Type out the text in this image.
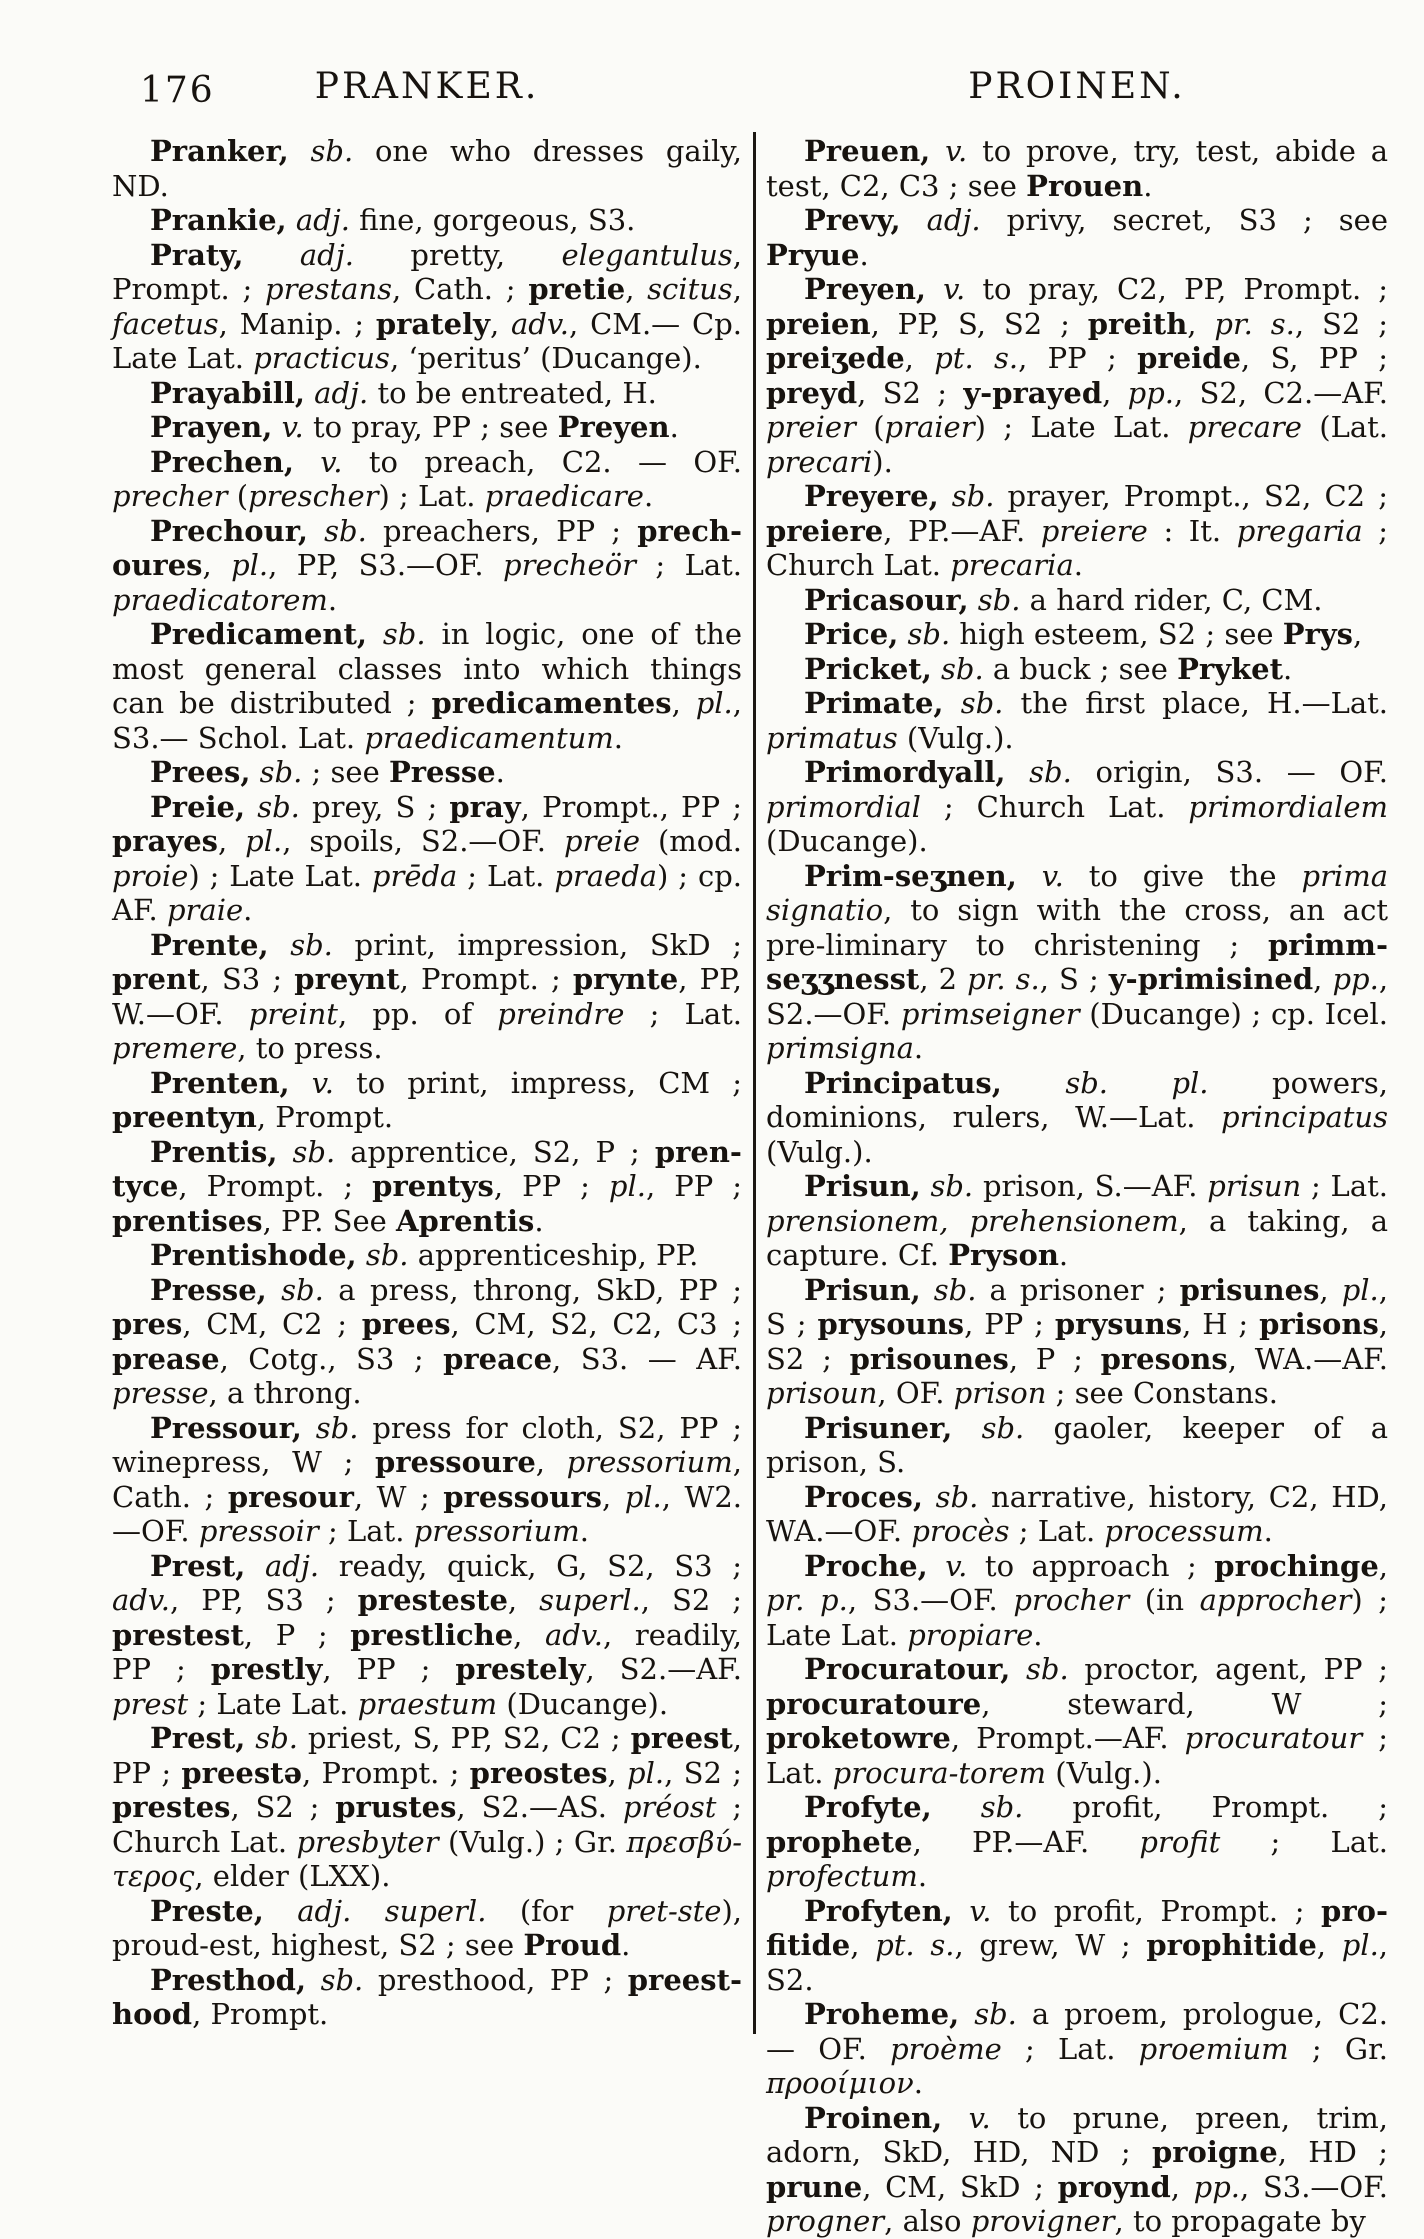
176	PRANKER.	PROINEN.

Pranker, sb. one who dresses gaily, ND.

Prankie, adj. fine, gorgeous, S3.

Praty, adj. pretty, elegantulus, Prompt. ; prestans, Cath. ; pretie, scitus, facetus, Manip. ; prately, adv., CM.— Cp. Late Lat. practicus, ‘peritus’ (Ducange).

Prayabill, adj. to be entreated, H.

Prayen, v. to pray, PP ; see Preyen.

Prechen, v. to preach, C2. — OF. precher (prescher) ; Lat. praedicare.

Prechour, sb. preachers, PP ; prech-oures, pl., PP, S3.—OF. precheör ; Lat. praedicatorem.

Predicament, sb. in logic, one of the most general classes into which things can be distributed ; predicamentes, pl., S3.— Schol. Lat. praedicamentum.

Prees, sb. ; see Presse.

Preie, sb. prey, S ; pray, Prompt., PP ; prayes, pl., spoils, S2.—OF. preie (mod. proie) ; Late Lat. prēda ; Lat. praeda) ; cp. AF. praie.

Prente, sb. print, impression, SkD ; prent, S3 ; preynt, Prompt. ; prynte, PP, W.—OF. preint, pp. of preindre ; Lat. premere, to press.

Prenten, v. to print, impress, CM ; preentyn, Prompt.

Prentis, sb. apprentice, S2, P ; pren-tyce, Prompt. ; prentys, PP ; pl., PP ; prentises, PP. See Aprentis.

Prentishode, sb. apprenticeship, PP.

Presse, sb. a press, throng, SkD, PP ; pres, CM, C2 ; prees, CM, S2, C2, C3 ; prease, Cotg., S3 ; preace, S3. — AF. presse, a throng.

Pressour, sb. press for cloth, S2, PP ; winepress, W ; pressoure, pressorium, Cath. ; presour, W ; pressours, pl., W2. —OF. pressoir ; Lat. pressorium.

Prest, adj. ready, quick, G, S2, S3 ; adv., PP, S3 ; presteste, superl., S2 ; prestest, P ; prestliche, adv., readily, PP ; prestly, PP ; prestely, S2.—AF. prest ; Late Lat. praestum (Ducange).

Prest, sb. priest, S, PP, S2, C2 ; preest, PP ; preestə, Prompt. ; preostes, pl., S2 ; prestes, S2 ; prustes, S2.—AS. préost ; Church Lat. presbyter (Vulg.) ; Gr. πρεσβύ-τερος, elder (LXX).

Preste, adj. superl. (for pret-ste), proud-est, highest, S2 ; see Proud.

Presthod, sb. presthood, PP ; preest-hood, Prompt.

Preuen, v. to prove, try, test, abide a test, C2, C3 ; see Prouen.

Prevy, adj. privy, secret, S3 ; see Pryue.

Preyen, v. to pray, C2, PP, Prompt. ; preien, PP, S, S2 ; preith, pr. s., S2 ; preiʒede, pt. s., PP ; preide, S, PP ; preyd, S2 ; y-prayed, pp., S2, C2.—AF. preier (praier) ; Late Lat. precare (Lat. precari).

Preyere, sb. prayer, Prompt., S2, C2 ; preiere, PP.—AF. preiere : It. pregaria ; Church Lat. precaria.

Pricasour, sb. a hard rider, C, CM.

Price, sb. high esteem, S2 ; see Prys,

Pricket, sb. a buck ; see Pryket.

Primate, sb. the first place, H.—Lat. primatus (Vulg.).

Primordyall, sb. origin, S3. — OF. primordial ; Church Lat. primordialem (Ducange).

Prim-seʒnen, v. to give the prima signatio, to sign with the cross, an act pre-liminary to christening ; primm-seʒʒnesst, 2 pr. s., S ; y-primisined, pp., S2.—OF. primseigner (Ducange) ; cp. Icel. primsigna.

Principatus, sb. pl. powers, dominions, rulers, W.—Lat. principatus (Vulg.).

Prisun, sb. prison, S.—AF. prisun ; Lat. prensionem, prehensionem, a taking, a capture. Cf. Pryson.

Prisun, sb. a prisoner ; prisunes, pl., S ; prysouns, PP ; prysuns, H ; prisons, S2 ; prisounes, P ; presons, WA.—AF. prisoun, OF. prison ; see Constans.

Prisuner, sb. gaoler, keeper of a prison, S.

Proces, sb. narrative, history, C2, HD, WA.—OF. procès ; Lat. processum.

Proche, v. to approach ; prochinge, pr. p., S3.—OF. procher (in approcher) ; Late Lat. propiare.

Procuratour, sb. proctor, agent, PP ; procuratoure, steward, W ; proketowre, Prompt.—AF. procuratour ; Lat. procura-torem (Vulg.).

Profyte, sb. profit, Prompt. ; prophete, PP.—AF. profit ; Lat. profectum.

Profyten, v. to profit, Prompt. ; pro-fitide, pt. s., grew, W ; prophitide, pl., S2.

Proheme, sb. a proem, prologue, C2.— OF. proème ; Lat. proemium ; Gr. προοίμιον.

Proinen, v. to prune, preen, trim, adorn, SkD, HD, ND ; proigne, HD ; prune, CM, SkD ; proynd, pp., S3.—OF. progner, also provigner, to propagate by
